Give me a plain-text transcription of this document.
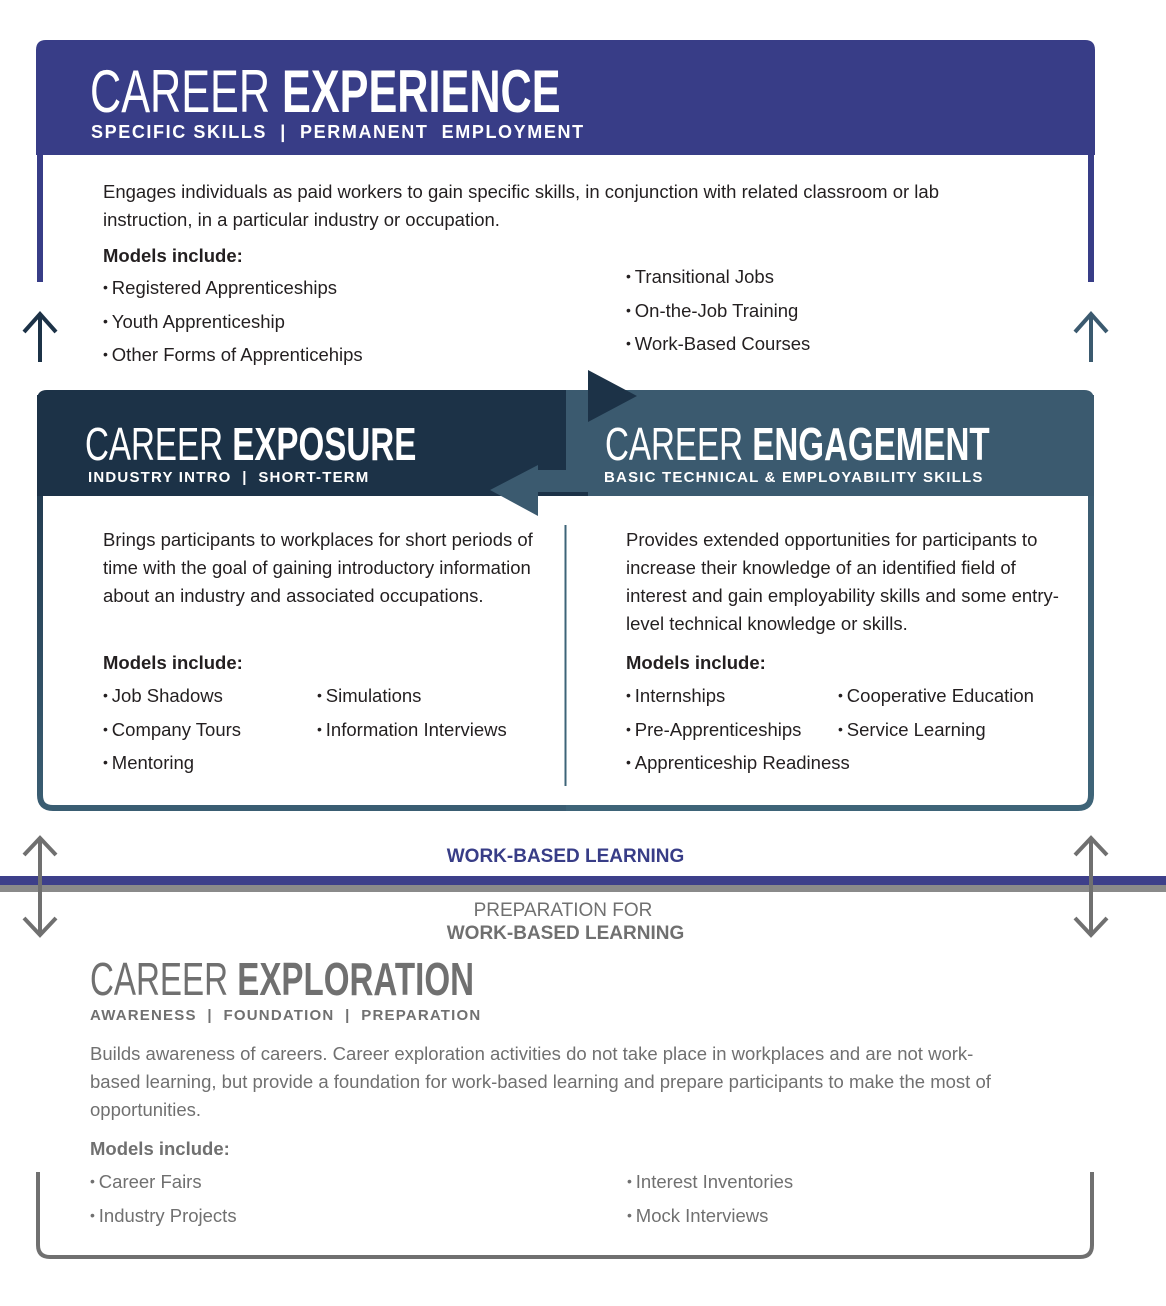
CAREER EXPERIENCE
SPECIFIC SKILLS  |  PERMANENT  EMPLOYMENT
Engages individuals as paid workers to gain specific skills, in conjunction with related classroom or lab instruction, in a particular industry or occupation.
Models include:
• Registered Apprenticeships
• Youth Apprenticeship
• Other Forms of Apprenticehips
• Transitional Jobs
• On-the-Job Training
• Work-Based Courses
CAREER EXPOSURE
INDUSTRY INTRO  |  SHORT-TERM
Brings participants to workplaces for short periods of time with the goal of gaining introductory information about an industry and associated occupations.
Models include:
• Job Shadows
• Company Tours
• Mentoring
• Simulations
• Information Interviews
CAREER ENGAGEMENT
BASIC TECHNICAL & EMPLOYABILITY SKILLS
Provides extended opportunities for participants to increase their knowledge of an identified field of interest and gain employability skills and some entry-level technical knowledge or skills.
Models include:
• Internships
• Pre-Apprenticeships
• Apprenticeship Readiness
• Cooperative Education
• Service Learning
WORK-BASED LEARNING
PREPARATION FOR
WORK-BASED LEARNING
CAREER EXPLORATION
AWARENESS  |  FOUNDATION  |  PREPARATION
Builds awareness of careers. Career exploration activities do not take place in workplaces and are not work-based learning, but provide a foundation for work-based learning and prepare participants to make the most of opportunities.
Models include:
• Career Fairs
• Industry Projects
• Interest Inventories
• Mock Interviews
